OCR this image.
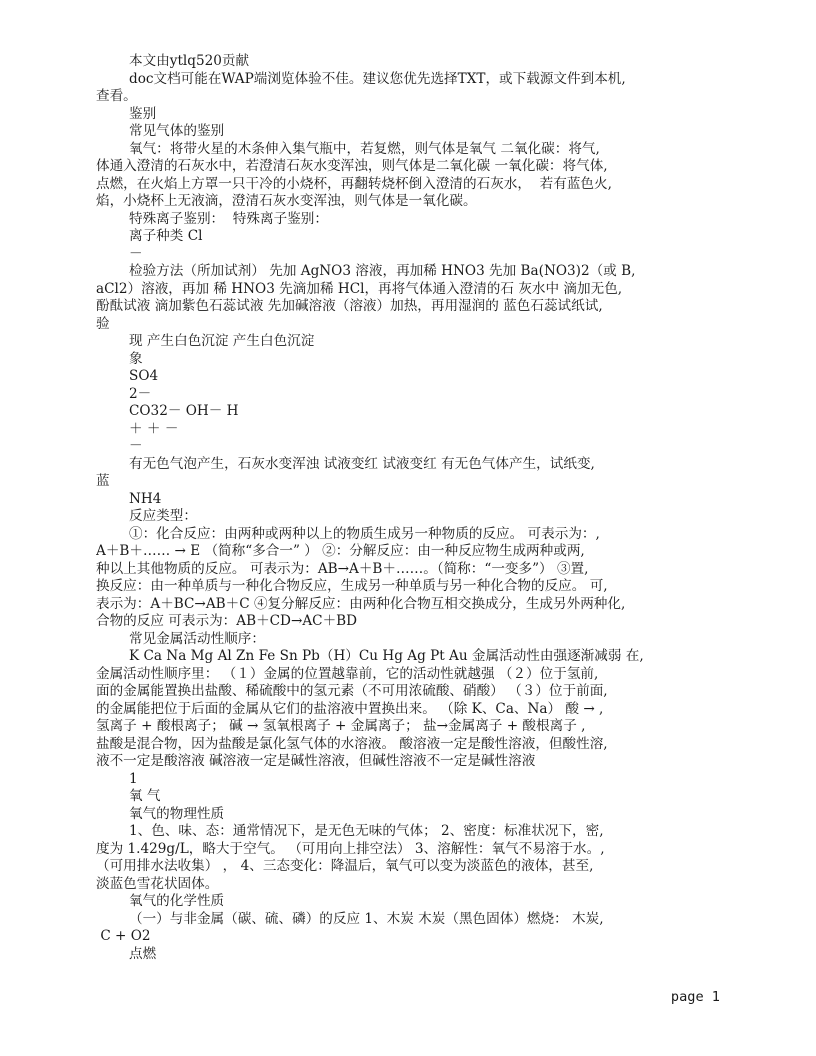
本文由ytlq520贡献
doc文档可能在WAP端浏览体验不佳。建议您优先选择TXT，或下载源文件到本机,
查看。
鉴别
常见气体的鉴别
氧气：将带火星的木条伸入集气瓶中，若复燃，则气体是氧气 二氧化碳：将气,
体通入澄清的石灰水中，若澄清石灰水变浑浊，则气体是二氧化碳 一氧化碳：将气体,
点燃，在火焰上方罩一只干冷的小烧杯，再翻转烧杯倒入澄清的石灰水，  若有蓝色火,
焰，小烧杯上无液滴，澄清石灰水变浑浊，则气体是一氧化碳。
特殊离子鉴别：  特殊离子鉴别：
离子种类 Cl
－
检验方法（所加试剂） 先加 AgNO3 溶液，再加稀 HNO3 先加 Ba(NO3)2（或 B,
aCl2）溶液，再加 稀 HNO3 先滴加稀 HCl，再将气体通入澄清的石 灰水中 滴加无色,
酚酞试液 滴加紫色石蕊试液 先加碱溶液（溶液）加热，再用湿润的 蓝色石蕊试纸试,
验
现 产生白色沉淀 产生白色沉淀
象
SO4
2－
CO32－ OH－ H
＋ ＋ －
－
有无色气泡产生，石灰水变浑浊 试液变红 试液变红 有无色气体产生，试纸变,
蓝
NH4
反应类型：
①：化合反应：由两种或两种以上的物质生成另一种物质的反应。 可表示为：,
A＋B＋…… → E （简称“多合一” ） ②：分解反应：由一种反应物生成两种或两,
种以上其他物质的反应。 可表示为：AB→A＋B＋……。（简称：“一变多”） ③置,
换反应：由一种单质与一种化合物反应，生成另一种单质与另一种化合物的反应。 可,
表示为：A＋BC→AB＋C ④复分解反应：由两种化合物互相交换成分，生成另外两种化,
合物的反应 可表示为：AB＋CD→AC＋BD
常见金属活动性顺序：
K Ca Na Mg Al Zn Fe Sn Pb（H）Cu Hg Ag Pt Au 金属活动性由强逐渐减弱 在,
金属活动性顺序里： （１）金属的位置越靠前，它的活动性就越强 （２）位于氢前,
面的金属能置换出盐酸、稀硫酸中的氢元素（不可用浓硫酸、硝酸） （３）位于前面,
的金属能把位于后面的金属从它们的盐溶液中置换出来。 （除 K、Ca、Na） 酸 → ,
氢离子 + 酸根离子； 碱 → 氢氧根离子 + 金属离子； 盐→金属离子 + 酸根离子 ,
盐酸是混合物，因为盐酸是氯化氢气体的水溶液。 酸溶液一定是酸性溶液，但酸性溶,
液不一定是酸溶液 碱溶液一定是碱性溶液，但碱性溶液不一定是碱性溶液
1
氧 气
氧气的物理性质
1、色、味、态：通常情况下，是无色无味的气体； 2、密度：标准状况下，密,
度为 1.429g/L，略大于空气。 （可用向上排空法） 3、溶解性：氧气不易溶于水。,
（可用排水法收集） ， 4、三态变化：降温后，氧气可以变为淡蓝色的液体，甚至,
淡蓝色雪花状固体。
氧气的化学性质
（一）与非金属（碳、硫、磷）的反应 1、木炭 木炭（黑色固体）燃烧： 木炭,
C + O2
点燃
page 1
